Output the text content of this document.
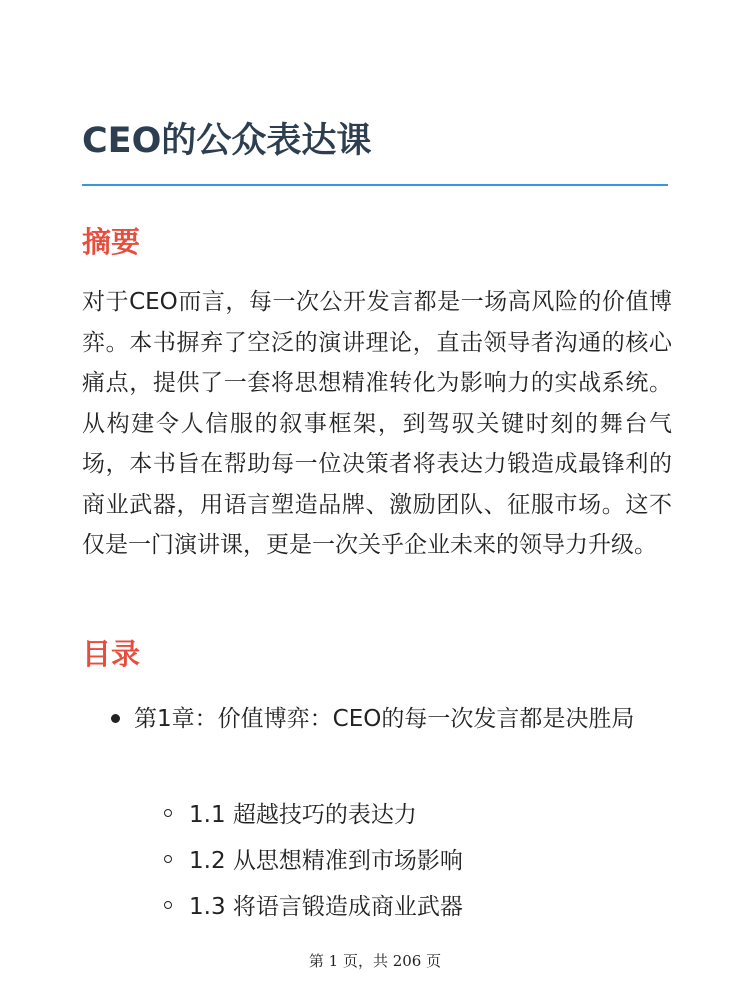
CEO的公众表达课
摘要

对于CEO而言，每一次公开发言都是一场高风险的价值博弈。本书摒弃了空泛的演讲理论，直击领导者沟通的核心痛点，提供了一套将思想精准转化为影响力的实战系统。从构建令人信服的叙事框架，到驾驭关键时刻的舞台气场，本书旨在帮助每一位决策者将表达力锻造成最锋利的商业武器，用语言塑造品牌、激励团队、征服市场。这不仅是一门演讲课，更是一次关乎企业未来的领导力升级。

目录
第1章：价值博弈：CEO的每一次发言都是决胜局
1.1 超越技巧的表达力
1.2 从思想精准到市场影响
1.3 将语言锻造成商业武器
第 1 页，共 206 页
